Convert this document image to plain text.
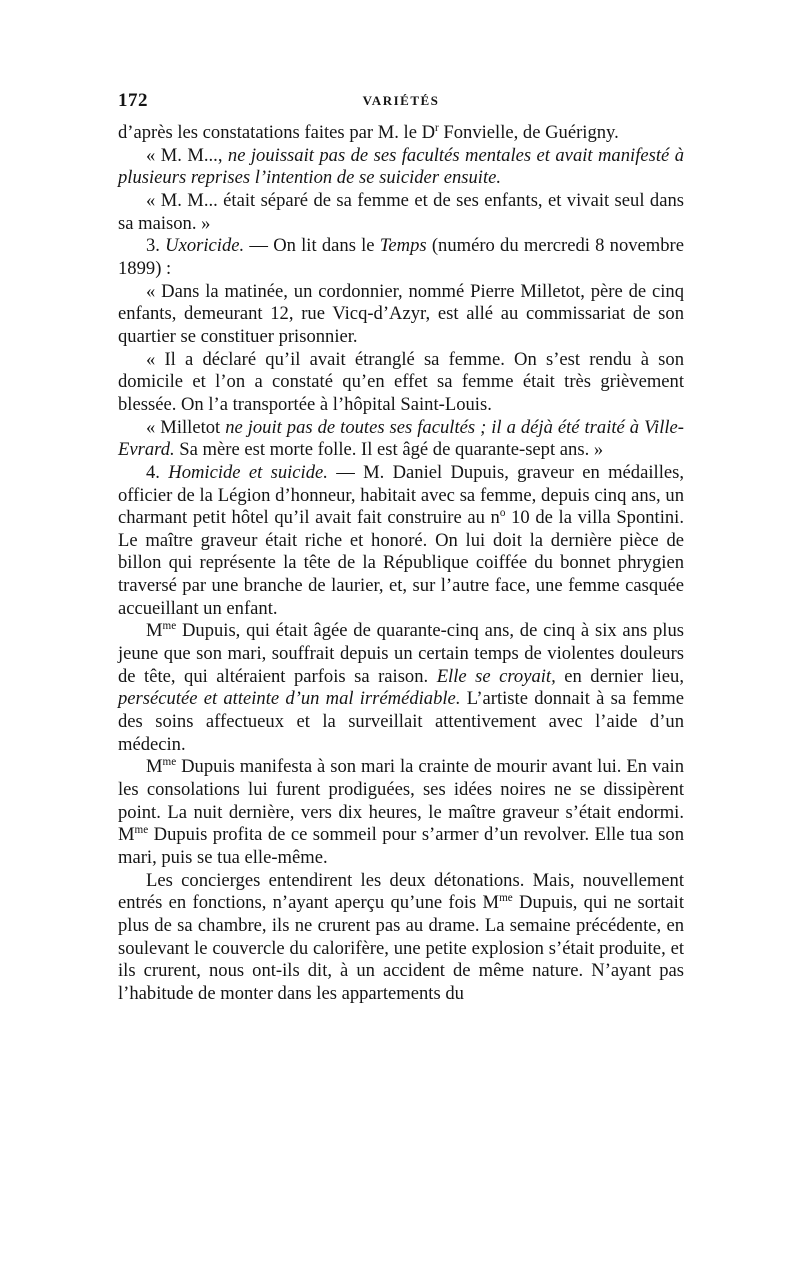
172	VARIÉTÉS

d’après les constatations faites par M. le $D^r$ Fonvielle, de Guérigny.

« M. M..., ne jouissait pas de ses facultés mentales et avait manifesté à plusieurs reprises l’intention de se suicider ensuite.

« M. M... était séparé de sa femme et de ses enfants, et vivait seul dans sa maison. »

3. Uxoricide. — On lit dans le Temps (numéro du mercredi 8 novembre 1899) :

« Dans la matinée, un cordonnier, nommé Pierre Milletot, père de cinq enfants, demeurant 12, rue Vicq-d’Azyr, est allé au commissariat de son quartier se constituer prisonnier.

« Il a déclaré qu’il avait étranglé sa femme. On s’est rendu à son domicile et l’on a constaté qu’en effet sa femme était très grièvement blessée. On l’a transportée à l’hôpital Saint-Louis.

« Milletot ne jouit pas de toutes ses facultés ; il a déjà été traité à Ville-Evrard. Sa mère est morte folle. Il est âgé de quarante-sept ans. »

4. Homicide et suicide. — M. Daniel Dupuis, graveur en médailles, officier de la Légion d’honneur, habitait avec sa femme, depuis cinq ans, un charmant petit hôtel qu’il avait fait construire au $n^o$ 10 de la villa Spontini. Le maître graveur était riche et honoré. On lui doit la dernière pièce de billon qui représente la tête de la République coiffée du bonnet phrygien traversé par une branche de laurier, et, sur l’autre face, une femme casquée accueillant un enfant.

$M^{me}$ Dupuis, qui était âgée de quarante-cinq ans, de cinq à six ans plus jeune que son mari, souffrait depuis un certain temps de violentes douleurs de tête, qui altéraient parfois sa raison. Elle se croyait, en dernier lieu, persécutée et atteinte d’un mal irrémédiable. L’artiste donnait à sa femme des soins affectueux et la surveillait attentivement avec l’aide d’un médecin.

$M^{me}$ Dupuis manifesta à son mari la crainte de mourir avant lui. En vain les consolations lui furent prodiguées, ses idées noires ne se dissipèrent point. La nuit dernière, vers dix heures, le maître graveur s’était endormi. $M^{me}$ Dupuis profita de ce sommeil pour s’armer d’un revolver. Elle tua son mari, puis se tua elle-même.

Les concierges entendirent les deux détonations. Mais, nouvellement entrés en fonctions, n’ayant aperçu qu’une fois $M^{me}$ Dupuis, qui ne sortait plus de sa chambre, ils ne crurent pas au drame. La semaine précédente, en soulevant le couvercle du calorifère, une petite explosion s’était produite, et ils crurent, nous ont-ils dit, à un accident de même nature. N’ayant pas l’habitude de monter dans les appartements du
